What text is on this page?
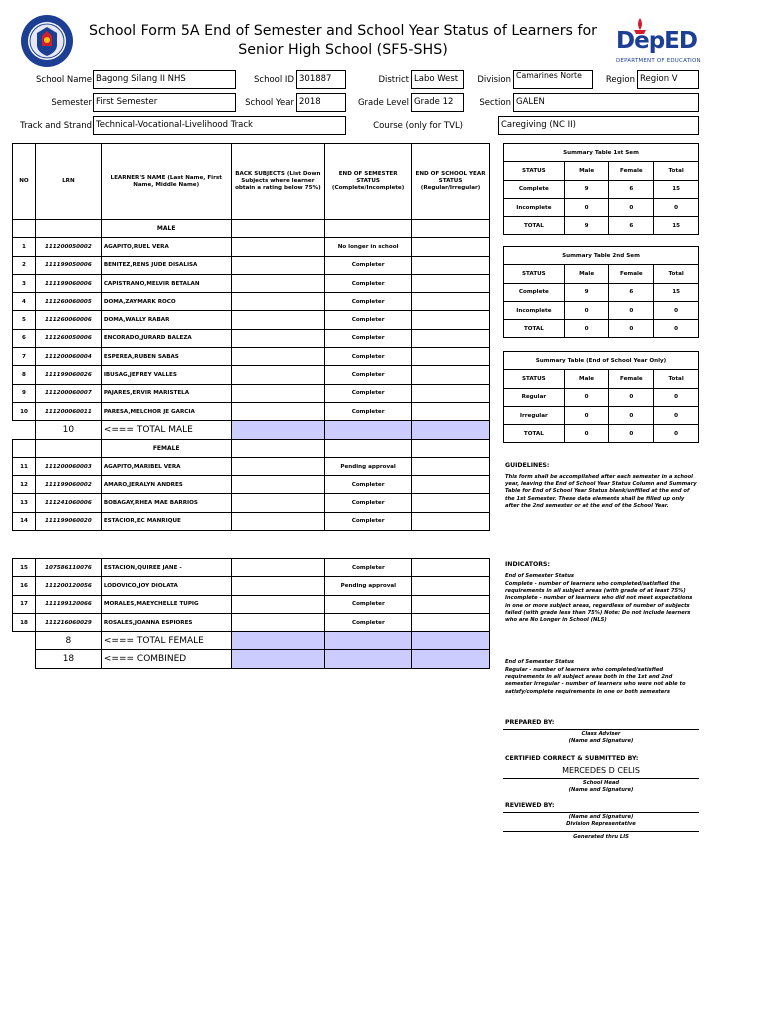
School Form 5A End of Semester and School Year Status of Learners for
Senior High School (SF5-SHS)	DepED
DEPARTMENT OF EDUCATION
School Name Bagong Silang II NHS	School ID 301887	District Labo West	Division Camarines Norte	Region Region V
Semester First Semester	School Year 2018	Grade Level Grade 12	Section GALEN
Track and Strand Technical-Vocational-Livelihood Track	Course (only for TVL)	Caregiving (NC II)
NO	LRN	LEARNER'S NAME (Last Name, First Name, Middle Name)	BACK SUBJECTS (List Down Subjects where learner obtain a rating below 75%)	END OF SEMESTER STATUS (Complete/Incomplete)	END OF SCHOOL YEAR STATUS (Regular/Irregular)
		MALE			
1	111200050002	AGAPITO,RUEL VERA		No longer in school	
2	111199050006	BENITEZ,RENS JUDE DISALISA		Completer	
3	111199060006	CAPISTRANO,MELVIR BETALAN		Completer	
4	111260060005	DOMA,ZAYMARK ROCO		Completer	
5	111260060006	DOMA,WALLY RABAR		Completer	
6	111260050006	ENCORADO,JURARD BALEZA		Completer	
7	111200060004	ESPEREA,RUBEN SABAS		Completer	
8	111199060026	IBUSAG,JEFREY VALLES		Completer	
9	111200060007	PAJARES,ERVIR MARISTELA		Completer	
10	111200060011	PARESA,MELCHOR JE GARCIA		Completer	
	10	<=== TOTAL MALE			
		FEMALE			
11	111200060003	AGAPITO,MARIBEL VERA		Pending approval	
12	111199060002	AMARO,JERALYN ANDRES		Completer	
13	111241060006	BOBAGAY,RHEA MAE BARRIOS		Completer	
14	111199060020	ESTACIOR,EC MANRIQUE		Completer	
15	107586110076	ESTACION,QUIREE JANE -		Completer	
16	111200120056	LODOVICO,JOY DIOLATA		Pending approval	
17	111199120066	MORALES,MAEYCHELLE TUPIG		Completer	
18	111216060029	ROSALES,JOANNA ESPIORES		Completer	
	8	<=== TOTAL FEMALE			
	18	<=== COMBINED			
Summary Table 1st Sem			
STATUS	Male	Female	Total
Complete	9	6	15
Incomplete	0	0	0
TOTAL	9	6	15
Summary Table 2nd Sem			
STATUS	Male	Female	Total
Complete	9	6	15
Incomplete	0	0	0
TOTAL	0	0	0
Summary Table (End of School Year Only)			
STATUS	Male	Female	Total
Regular	0	0	0
Irregular	0	0	0
TOTAL	0	0	0
GUIDELINES:
This form shall be accomplished after each semester in a school year, leaving the End of School Year Status Column and Summary Table for End of School Year Status blank/unfilled at the end of the 1st Semester. These data elements shall be filled up only after the 2nd semester or at the end of the School Year.
INDICATORS:
End of Semester Status
Complete - number of learners who completed/satisfied the requirements in all subject areas (with grade of at least 75%) Incomplete - number of learners who did not meet expectations in one or more subject areas, regardless of number of subjects failed (with grade less than 75%) Note: Do not include learners who are No Longer in School (NLS)
End of Semester Status
Regular - number of learners who completed/satisfied requirements in all subject areas both in the 1st and 2nd semester Irregular - number of learners who were not able to satisfy/complete requirements in one or both semesters
PREPARED BY:
Class Adviser
(Name and Signature)
CERTIFIED CORRECT & SUBMITTED BY:
MERCEDES D CELIS
School Head
(Name and Signature)
REVIEWED BY:
(Name and Signature)
Division Representative
Generated thru LIS
